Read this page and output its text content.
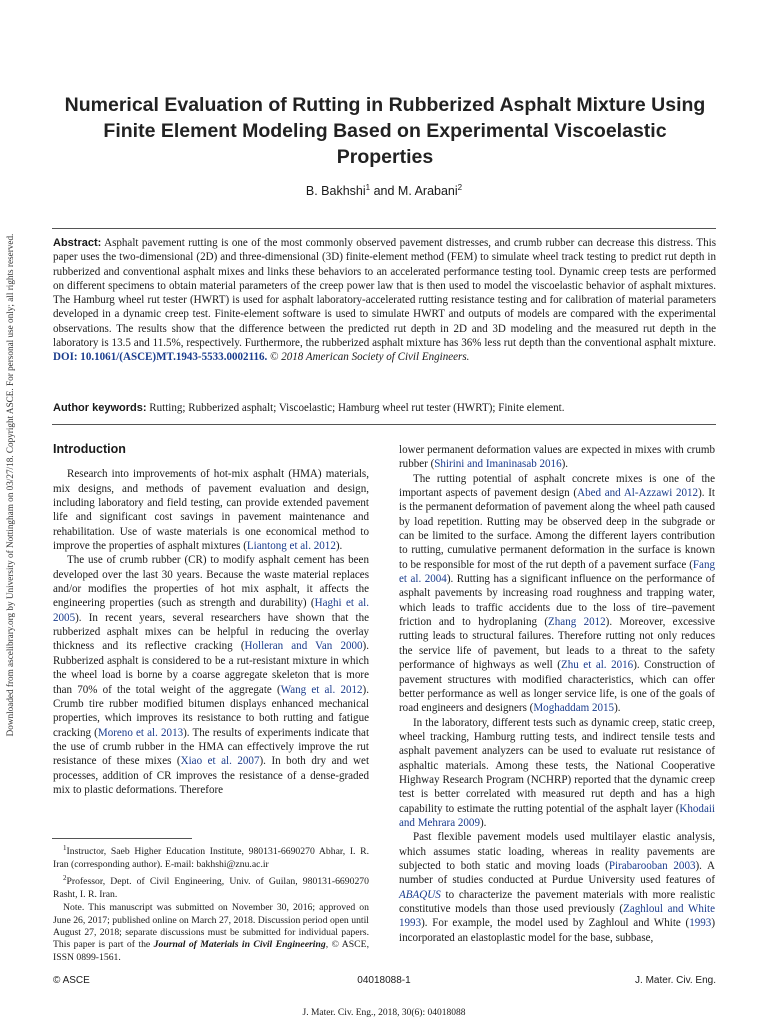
Downloaded from ascelibrary.org by University of Nottingham on 03/27/18. Copyright ASCE. For personal use only; all rights reserved.
Numerical Evaluation of Rutting in Rubberized Asphalt Mixture Using Finite Element Modeling Based on Experimental Viscoelastic Properties
B. Bakhshi$^1$ and M. Arabani$^2$
Abstract: Asphalt pavement rutting is one of the most commonly observed pavement distresses, and crumb rubber can decrease this distress. This paper uses the two-dimensional (2D) and three-dimensional (3D) finite-element method (FEM) to simulate wheel track testing to predict rut depth in rubberized and conventional asphalt mixes and links these behaviors to an accelerated performance testing tool. Dynamic creep tests are performed on different specimens to obtain material parameters of the creep power law that is then used to model the viscoelastic behavior of asphalt mixtures. The Hamburg wheel rut tester (HWRT) is used for asphalt laboratory-accelerated rutting resistance testing and for calibration of material parameters developed in a dynamic creep test. Finite-element software is used to simulate HWRT and outputs of models are compared with the experimental observations. The results show that the difference between the predicted rut depth in 2D and 3D modeling and the measured rut depth in the laboratory is 13.5 and 11.5%, respectively. Furthermore, the rubberized asphalt mixture has 36% less rut depth than the conventional asphalt mixture. DOI: 10.1061/(ASCE)MT.1943-5533.0002116. © 2018 American Society of Civil Engineers.
Author keywords: Rutting; Rubberized asphalt; Viscoelastic; Hamburg wheel rut tester (HWRT); Finite element.
Introduction

Research into improvements of hot-mix asphalt (HMA) materials, mix designs, and methods of pavement evaluation and design, including laboratory and field testing, can provide extended pavement life and significant cost savings in pavement maintenance and rehabilitation. Use of waste materials is one economical method to improve the properties of asphalt mixtures (Liantong et al. 2012).

The use of crumb rubber (CR) to modify asphalt cement has been developed over the last 30 years. Because the waste material replaces and/or modifies the properties of hot mix asphalt, it affects the engineering properties (such as strength and durability) (Haghi et al. 2005). In recent years, several researchers have shown that the rubberized asphalt mixes can be helpful in reducing the overlay thickness and its reflective cracking (Holleran and Van 2000). Rubberized asphalt is considered to be a rut-resistant mixture in which the wheel load is borne by a coarse aggregate skeleton that is more than 70% of the total weight of the aggregate (Wang et al. 2012). Crumb tire rubber modified bitumen displays enhanced mechanical properties, which improves its resistance to both rutting and fatigue cracking (Moreno et al. 2013). The results of experiments indicate that the use of crumb rubber in the HMA can effectively improve the rut resistance of these mixes (Xiao et al. 2007). In both dry and wet processes, addition of CR improves the resistance of a dense-graded mix to plastic deformations. Therefore

$^1$Instructor, Saeb Higher Education Institute, 980131-6690270 Abhar, I. R. Iran (corresponding author). E-mail: bakhshi@znu.ac.ir

$^2$Professor, Dept. of Civil Engineering, Univ. of Guilan, 980131-6690270 Rasht, I. R. Iran.

Note. This manuscript was submitted on November 30, 2016; approved on June 26, 2017; published online on March 27, 2018. Discussion period open until August 27, 2018; separate discussions must be submitted for individual papers. This paper is part of the Journal of Materials in Civil Engineering, © ASCE, ISSN 0899-1561.

lower permanent deformation values are expected in mixes with crumb rubber (Shirini and Imaninasab 2016).

The rutting potential of asphalt concrete mixes is one of the important aspects of pavement design (Abed and Al-Azzawi 2012). It is the permanent deformation of pavement along the wheel path caused by load repetition. Rutting may be observed deep in the subgrade or can be limited to the surface. Among the different layers contribution to rutting, cumulative permanent deformation in the surface is known to be responsible for most of the rut depth of a pavement surface (Fang et al. 2004). Rutting has a significant influence on the performance of asphalt pavements by increasing road roughness and trapping water, which leads to traffic accidents due to the loss of tire–pavement friction and to hydroplaning (Zhang 2012). Moreover, excessive rutting leads to structural failures. Therefore rutting not only reduces the service life of pavement, but leads to a threat to the safety performance of highways as well (Zhu et al. 2016). Construction of pavement structures with modified characteristics, which can offer better performance as well as longer service life, is one of the goals of road engineers and designers (Moghaddam 2015).

In the laboratory, different tests such as dynamic creep, static creep, wheel tracking, Hamburg rutting tests, and indirect tensile tests and asphalt pavement analyzers can be used to evaluate rut resistance of asphaltic materials. Among these tests, the National Cooperative Highway Research Program (NCHRP) reported that the dynamic creep test is better correlated with measured rut depth and has a high capability to estimate the rutting potential of the asphalt layer (Khodaii and Mehrara 2009).

Past flexible pavement models used multilayer elastic analysis, which assumes static loading, whereas in reality pavements are subjected to both static and moving loads (Pirabarooban 2003). A number of studies conducted at Purdue University used features of ABAQUS to characterize the pavement materials with more realistic constitutive models than those used previously (Zaghloul and White 1993). For example, the model used by Zaghloul and White (1993) incorporated an elastoplastic model for the base, subbase,

© ASCE	04018088-1	J. Mater. Civ. Eng.
J. Mater. Civ. Eng., 2018, 30(6): 04018088
